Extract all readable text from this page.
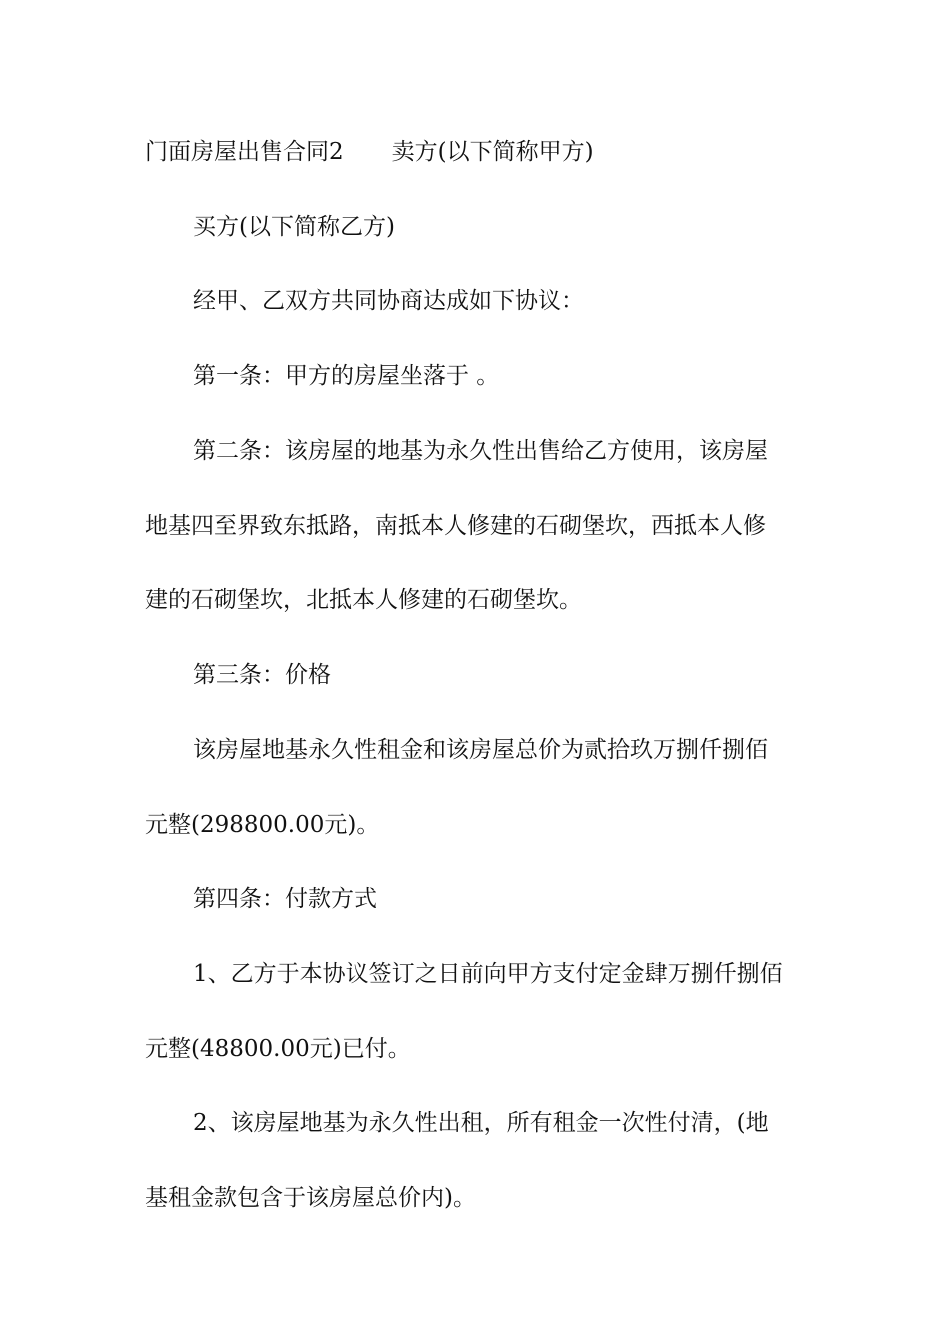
门面房屋出售合同2 卖方(以下简称甲方)
买方(以下简称乙方)
经甲、乙双方共同协商达成如下协议：
第一条：甲方的房屋坐落于 。
第二条：该房屋的地基为永久性出售给乙方使用，该房屋
地基四至界致东抵路，南抵本人修建的石砌堡坎，西抵本人修
建的石砌堡坎，北抵本人修建的石砌堡坎。
第三条：价格
该房屋地基永久性租金和该房屋总价为贰拾玖万捌仟捌佰
元整(298800.00元)。
第四条：付款方式
1、乙方于本协议签订之日前向甲方支付定金肆万捌仟捌佰
元整(48800.00元)已付。
2、该房屋地基为永久性出租，所有租金一次性付清，(地
基租金款包含于该房屋总价内)。
